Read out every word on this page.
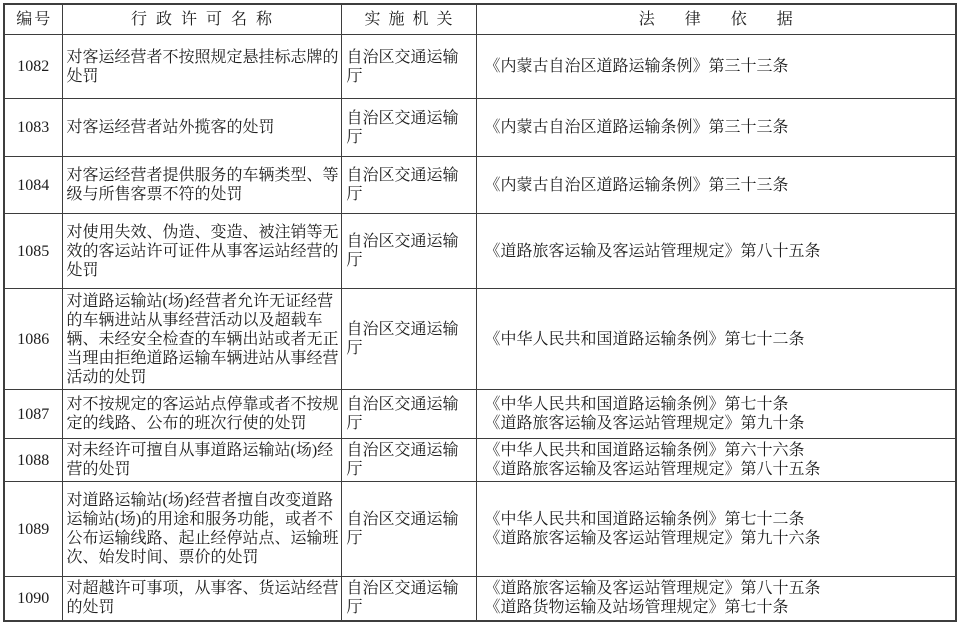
编号	行政许可名称	实施机关	法律依据
1082	对客运经营者不按照规定悬挂标志牌的处罚	自治区交通运输厅	《内蒙古自治区道路运输条例》第三十三条

1083	对客运经营者站外揽客的处罚	自治区交通运输厅	《内蒙古自治区道路运输条例》第三十三条

1084	对客运经营者提供服务的车辆类型、等级与所售客票不符的处罚	自治区交通运输厅	《内蒙古自治区道路运输条例》第三十三条

1085	对使用失效、伪造、变造、被注销等无效的客运站许可证件从事客运站经营的处罚	自治区交通运输厅	《道路旅客运输及客运站管理规定》第八十五条

1086	对道路运输站(场)经营者允许无证经营的车辆进站从事经营活动以及超载车辆、未经安全检查的车辆出站或者无正当理由拒绝道路运输车辆进站从事经营活动的处罚	自治区交通运输厅	《中华人民共和国道路运输条例》第七十二条

1087	对不按规定的客运站点停靠或者不按规定的线路、公布的班次行使的处罚	自治区交通运输厅	《中华人民共和国道路运输条例》第七十条
《道路旅客运输及客运站管理规定》第九十条

1088	对未经许可擅自从事道路运输站(场)经营的处罚	自治区交通运输厅	《中华人民共和国道路运输条例》第六十六条
《道路旅客运输及客运站管理规定》第八十五条

1089	对道路运输站(场)经营者擅自改变道路运输站(场)的用途和服务功能，或者不公布运输线路、起止经停站点、运输班次、始发时间、票价的处罚	自治区交通运输厅	《中华人民共和国道路运输条例》第七十二条
《道路旅客运输及客运站管理规定》第九十六条

1090	对超越许可事项，从事客、货运站经营的处罚	自治区交通运输厅	《道路旅客运输及客运站管理规定》第八十五条
《道路货物运输及站场管理规定》第七十条
